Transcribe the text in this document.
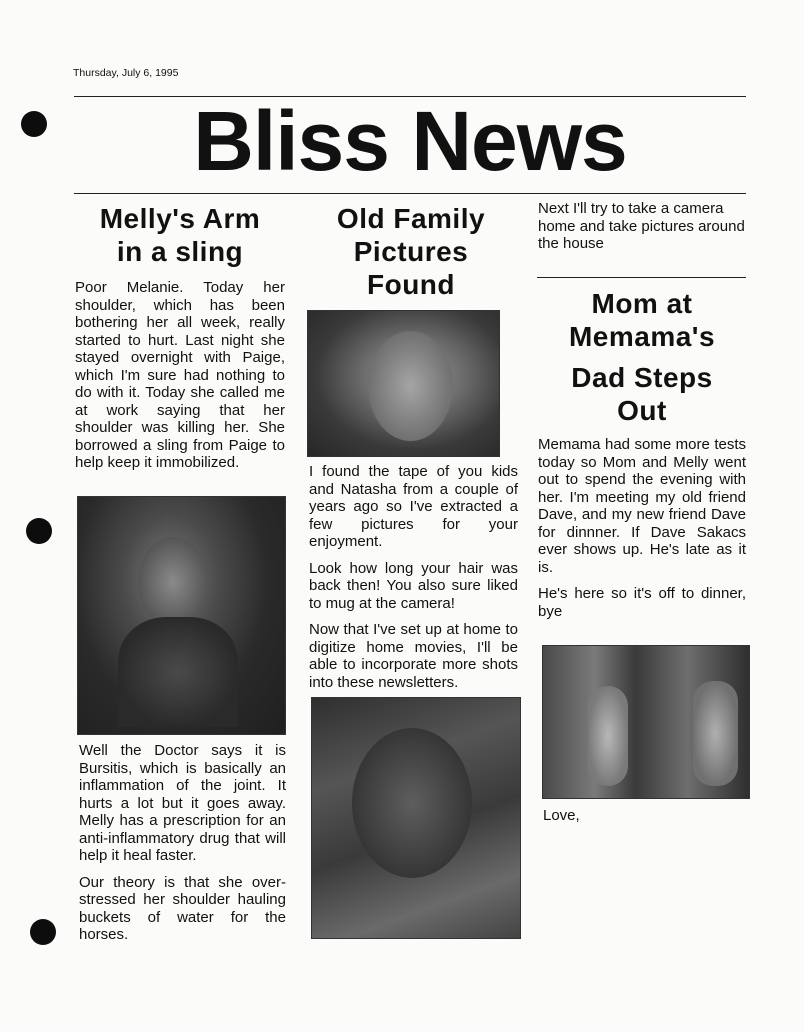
Thursday, July 6, 1995
Bliss News
Melly's Arm
in a sling

Poor Melanie. Today her shoulder, which has been bothering her all week, really started to hurt. Last night she stayed overnight with Paige, which I'm sure had nothing to do with it. Today she called me at work saying that her shoulder was killing her. She borrowed a sling from Paige to help keep it immobilized.

Well the Doctor says it is Bursitis, which is basically an inflammation of the joint. It hurts a lot but it goes away. Melly has a prescription for an anti-inflammatory drug that will help it heal faster.

Our theory is that she over-stressed her shoulder hauling buckets of water for the horses.

Old Family
Pictures
Found

I found the tape of you kids and Natasha from a couple of years ago so I've extracted a few pictures for your enjoyment.

Look how long your hair was back then! You also sure liked to mug at the camera!

Now that I've set up at home to digitize home movies, I'll be able to incorporate more shots into these newsletters.

Next I'll try to take a camera home and take pictures around the house

Mom at
Memama's
Dad Steps
Out

Memama had some more tests today so Mom and Melly went out to spend the evening with her. I'm meeting my old friend Dave, and my new friend Dave for dinnner. If Dave Sakacs ever shows up. He's late as it is.

He's here so it's off to dinner, bye

Love,
